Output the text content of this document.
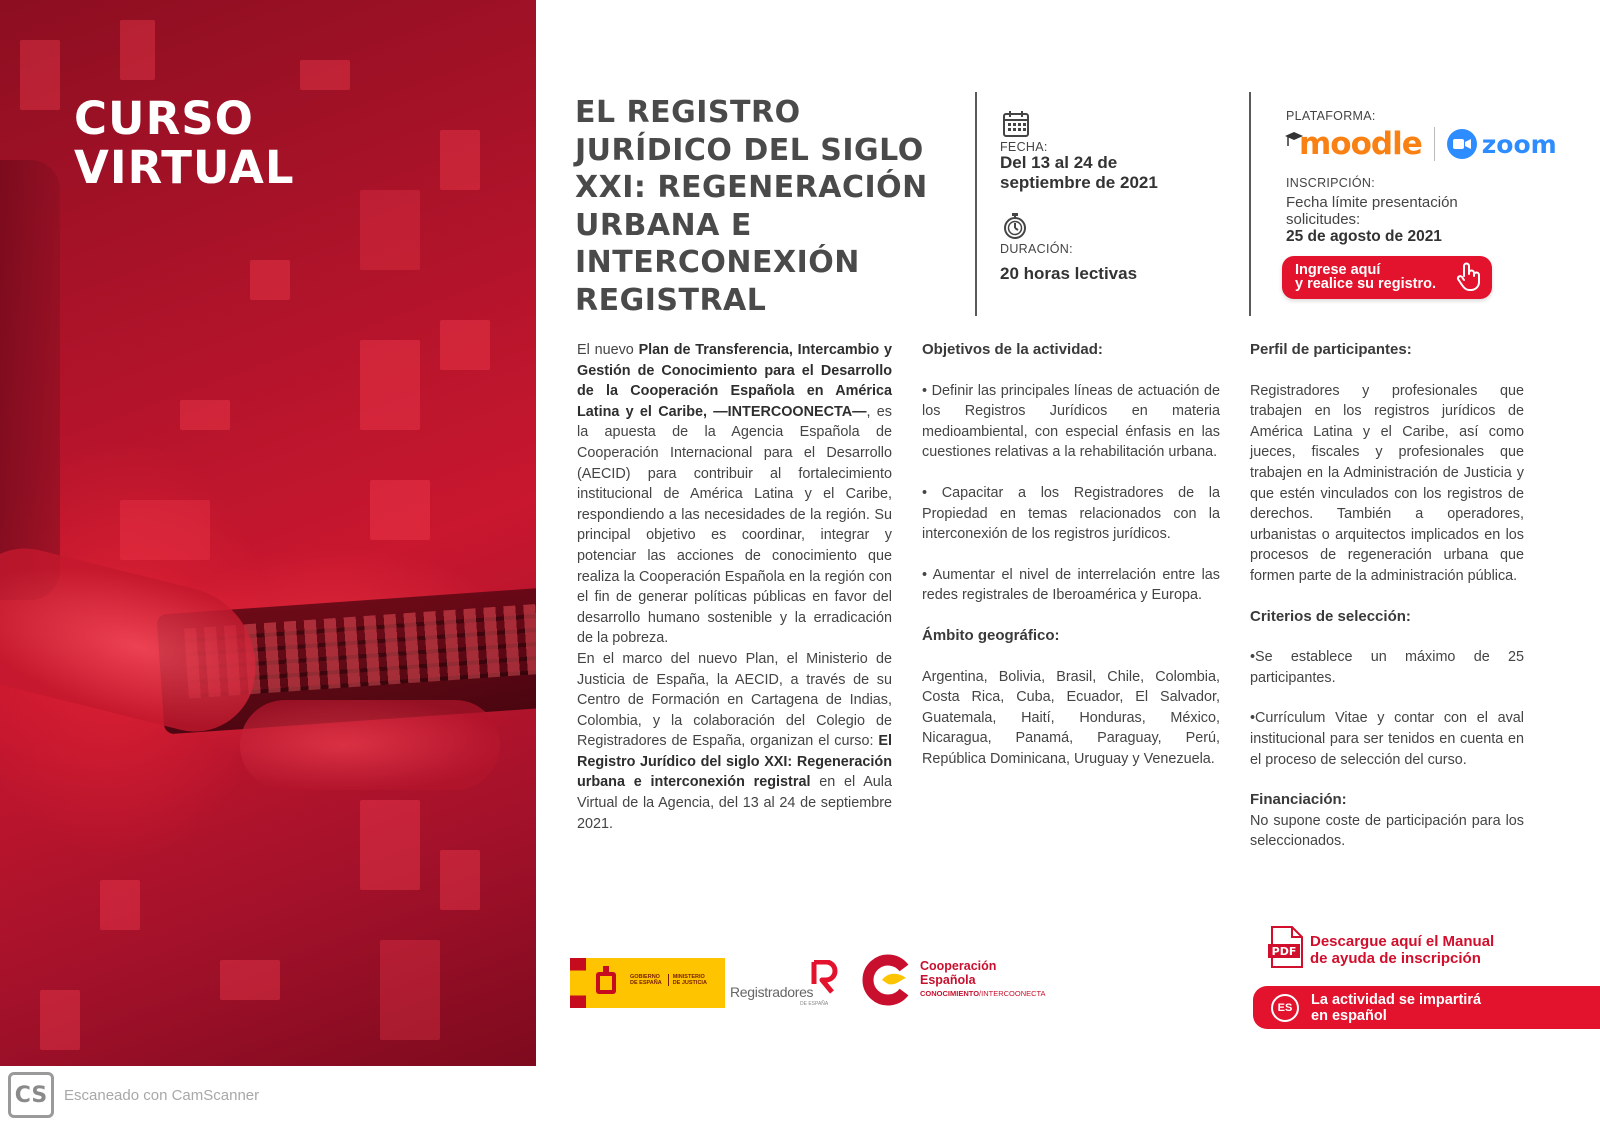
CURSO
VIRTUAL
EL REGISTRO
JURÍDICO DEL SIGLO
XXI: REGENERACIÓN
URBANA E
INTERCONEXIÓN
REGISTRAL
FECHA:
Del 13 al 24 de
septiembre de 2021
DURACIÓN:
20 horas lectivas
PLATAFORMA:
moodle zoom
INSCRIPCIÓN:
Fecha límite presentación
solicitudes:
25 de agosto de 2021
Ingrese aquí
y realice su registro.

El nuevo Plan de Transferencia, Intercambio y Gestión de Conocimiento para el Desarrollo de la Cooperación Española en América Latina y el Caribe, —INTERCOONECTA—, es la apuesta de la Agencia Española de Cooperación Internacional para el Desarrollo (AECID) para contribuir al fortalecimiento institucional de América Latina y el Caribe, respondiendo a las necesidades de la región. Su principal objetivo es coordinar, integrar y potenciar las acciones de conocimiento que realiza la Cooperación Española en la región con el fin de generar políticas públicas en favor del desarrollo humano sostenible y la erradicación de la pobreza.

En el marco del nuevo Plan, el Ministerio de Justicia de España, la AECID, a través de su Centro de Formación en Cartagena de Indias, Colombia, y la colaboración del Colegio de Registradores de España, organizan el curso: El Registro Jurídico del siglo XXI: Regeneración urbana e interconexión registral en el Aula Virtual de la Agencia, del 13 al 24 de septiembre 2021.

Objetivos de la actividad:

• Definir las principales líneas de actuación de los Registros Jurídicos en materia medioambiental, con especial énfasis en las cuestiones relativas a la rehabilitación urbana.

• Capacitar a los Registradores de la Propiedad en temas relacionados con la interconexión de los registros jurídicos.

• Aumentar el nivel de interrelación entre las redes registrales de Iberoamérica y Europa.

Ámbito geográfico:

Argentina, Bolivia, Brasil, Chile, Colombia, Costa Rica, Cuba, Ecuador, El Salvador, Guatemala, Haití, Honduras, México, Nicaragua, Panamá, Paraguay, Perú, República Dominicana, Uruguay y Venezuela.

Perfil de participantes:

Registradores y profesionales que trabajen en los registros jurídicos de América Latina y el Caribe, así como jueces, fiscales y profesionales que trabajen en la Administración de Justicia y que estén vinculados con los registros de derechos. También a operadores, urbanistas o arquitectos implicados en los procesos de regeneración urbana que formen parte de la administración pública.

Criterios de selección:

•Se establece un máximo de 25 participantes.

•Currículum Vitae y contar con el aval institucional para ser tenidos en cuenta en el proceso de selección del curso.

Financiación:

No supone coste de participación para los seleccionados.

GOBIERNO
DE ESPAÑA
MINISTERIO
DE JUSTICIA
Registradores
DE ESPAÑA
Cooperación
Española
CONOCIMIENTO/INTERCOONECTA
PDF
Descargue aquí el Manual
de ayuda de inscripción
ES	La actividad se impartirá
en español
CS	Escaneado con CamScanner
